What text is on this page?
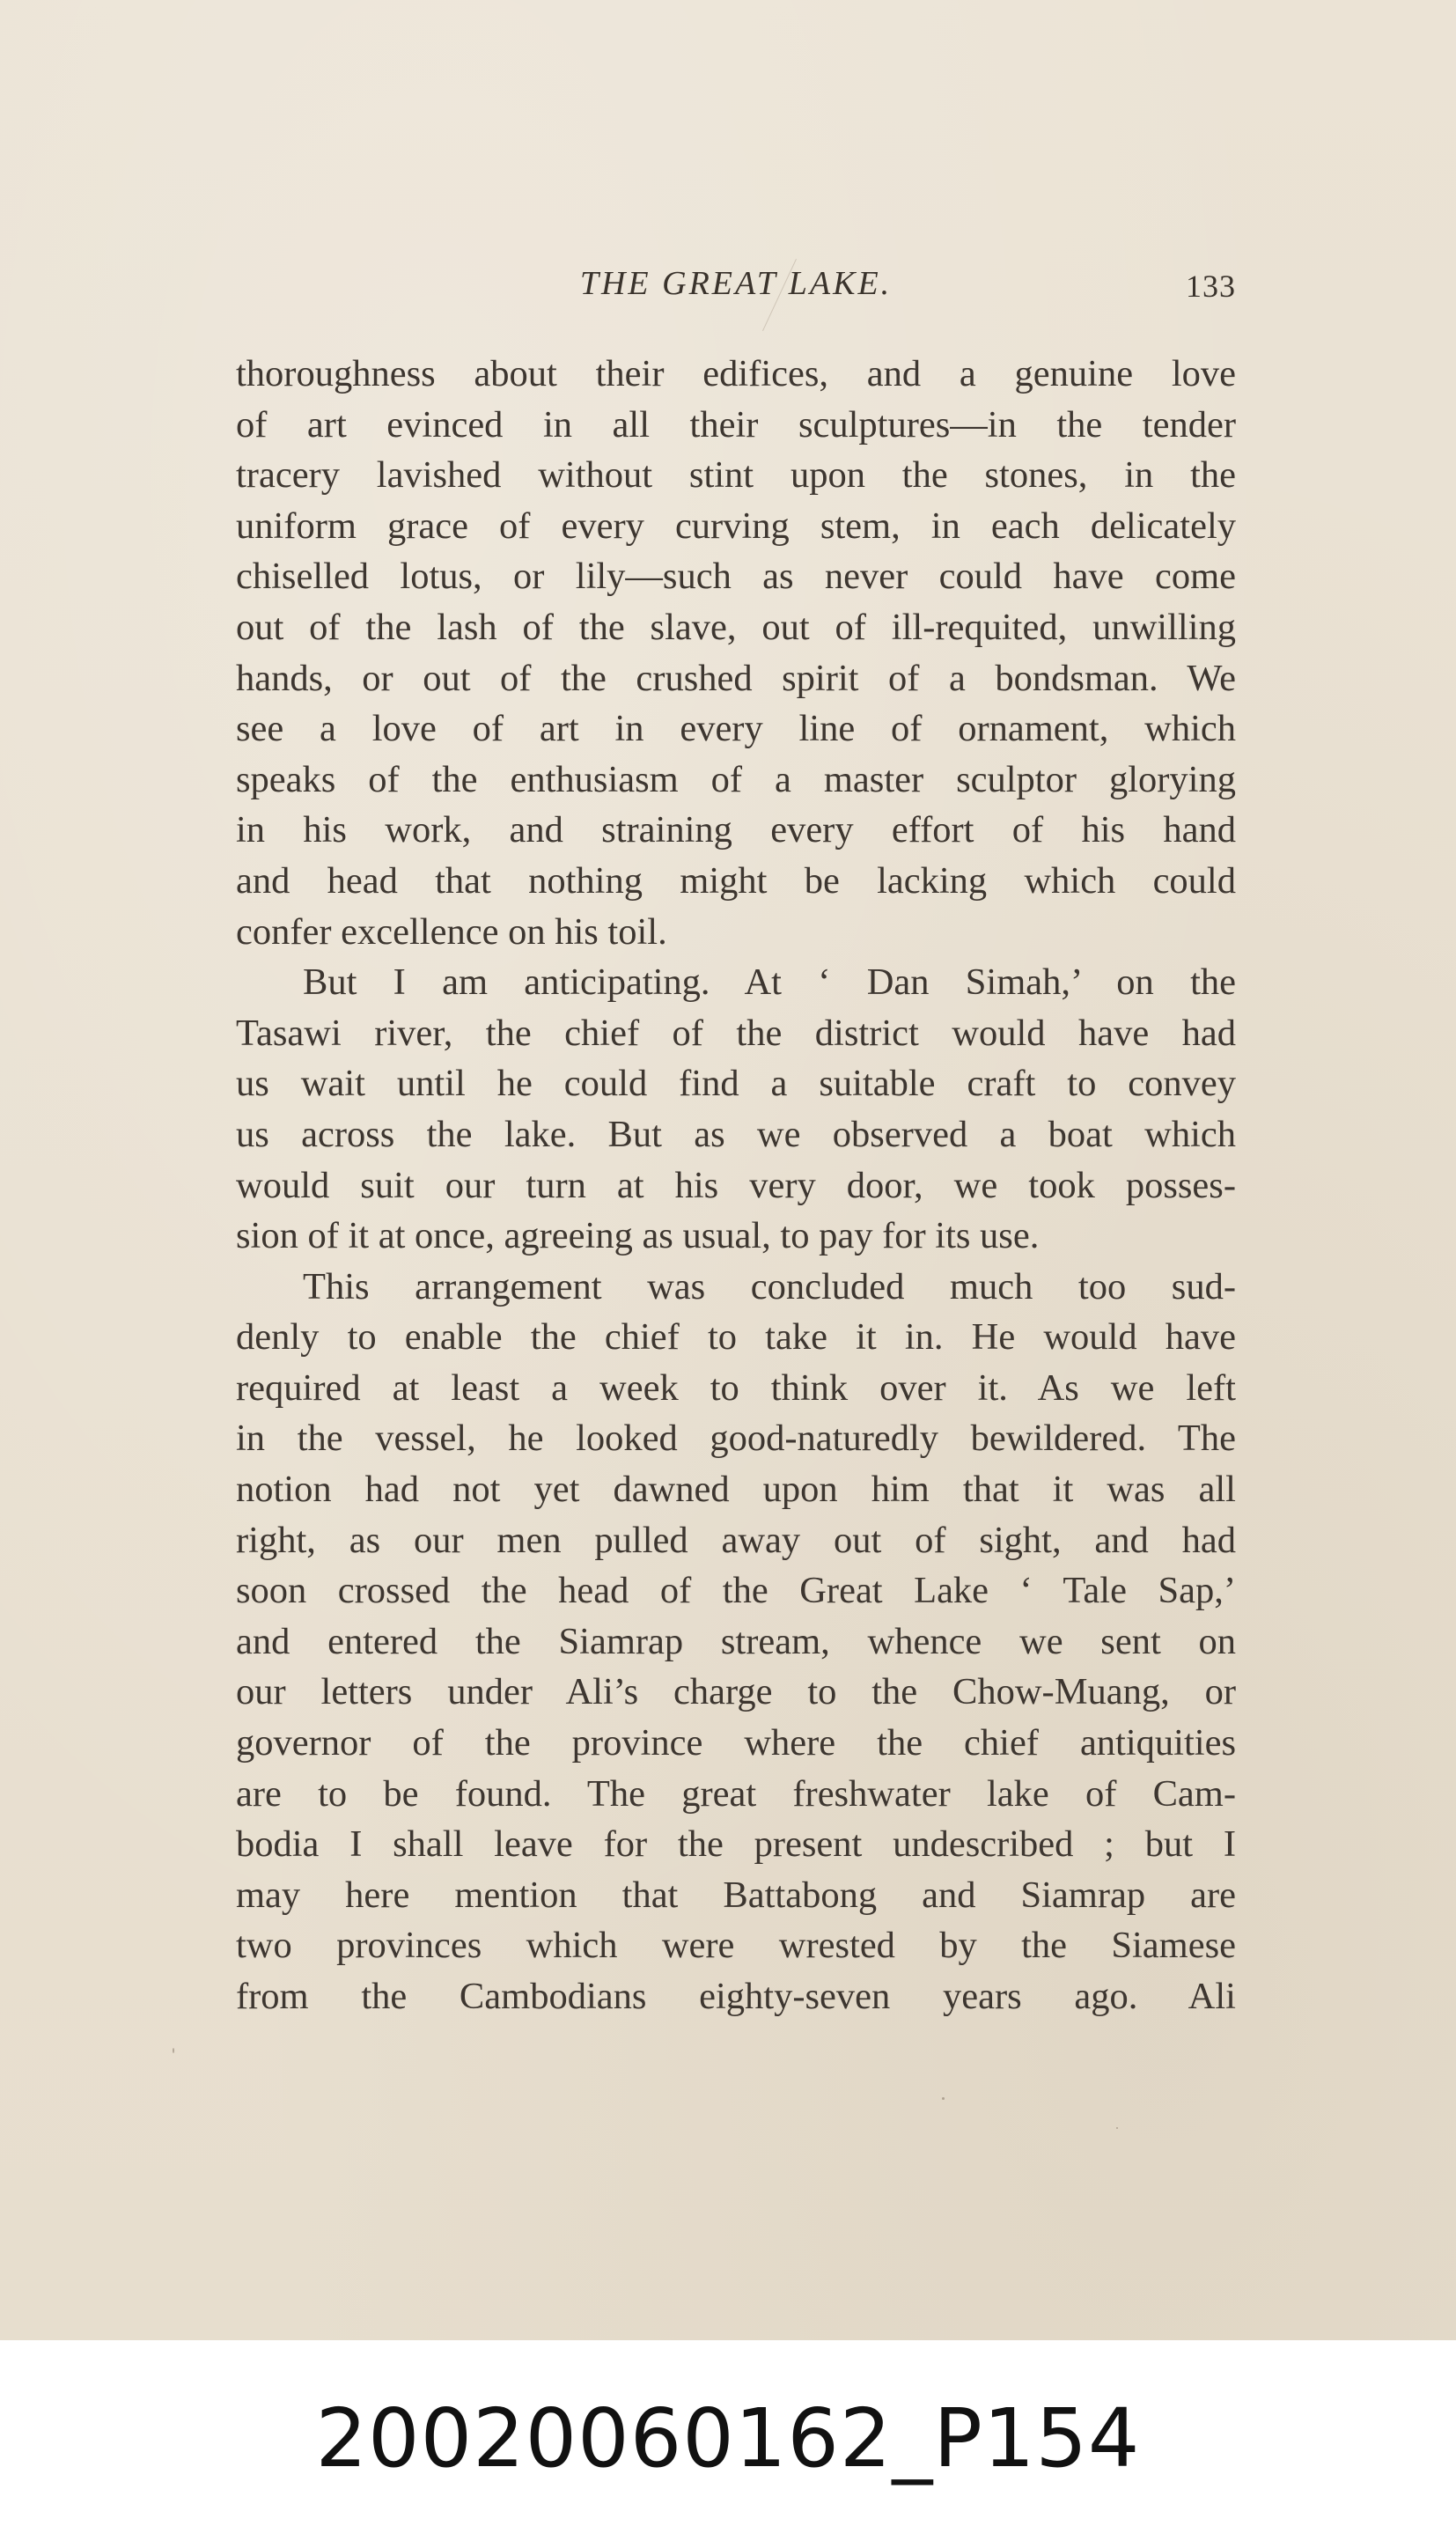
THE GREAT LAKE.	133
thoroughness about their edifices, and a genuine love
of art evinced in all their sculptures—in the tender
tracery lavished without stint upon the stones, in the
uniform grace of every curving stem, in each delicately
chiselled lotus, or lily—such as never could have come
out of the lash of the slave, out of ill-requited, unwilling
hands, or out of the crushed spirit of a bondsman. We
see a love of art in every line of ornament, which
speaks of the enthusiasm of a master sculptor glorying
in his work, and straining every effort of his hand
and head that nothing might be lacking which could
confer excellence on his toil.
But I am anticipating. At ‘ Dan Simah,’ on the
Tasawi river, the chief of the district would have had
us wait until he could find a suitable craft to convey
us across the lake. But as we observed a boat which
would suit our turn at his very door, we took posses-
sion of it at once, agreeing as usual, to pay for its use.
This arrangement was concluded much too sud-
denly to enable the chief to take it in. He would have
required at least a week to think over it. As we left
in the vessel, he looked good-naturedly bewildered. The
notion had not yet dawned upon him that it was all
right, as our men pulled away out of sight, and had
soon crossed the head of the Great Lake ‘ Tale Sap,’
and entered the Siamrap stream, whence we sent on
our letters under Ali’s charge to the Chow-Muang, or
governor of the province where the chief antiquities
are to be found. The great freshwater lake of Cam-
bodia I shall leave for the present undescribed ; but I
may here mention that Battabong and Siamrap are
two provinces which were wrested by the Siamese
from the Cambodians eighty-seven years ago. Ali
20020060162_P154
